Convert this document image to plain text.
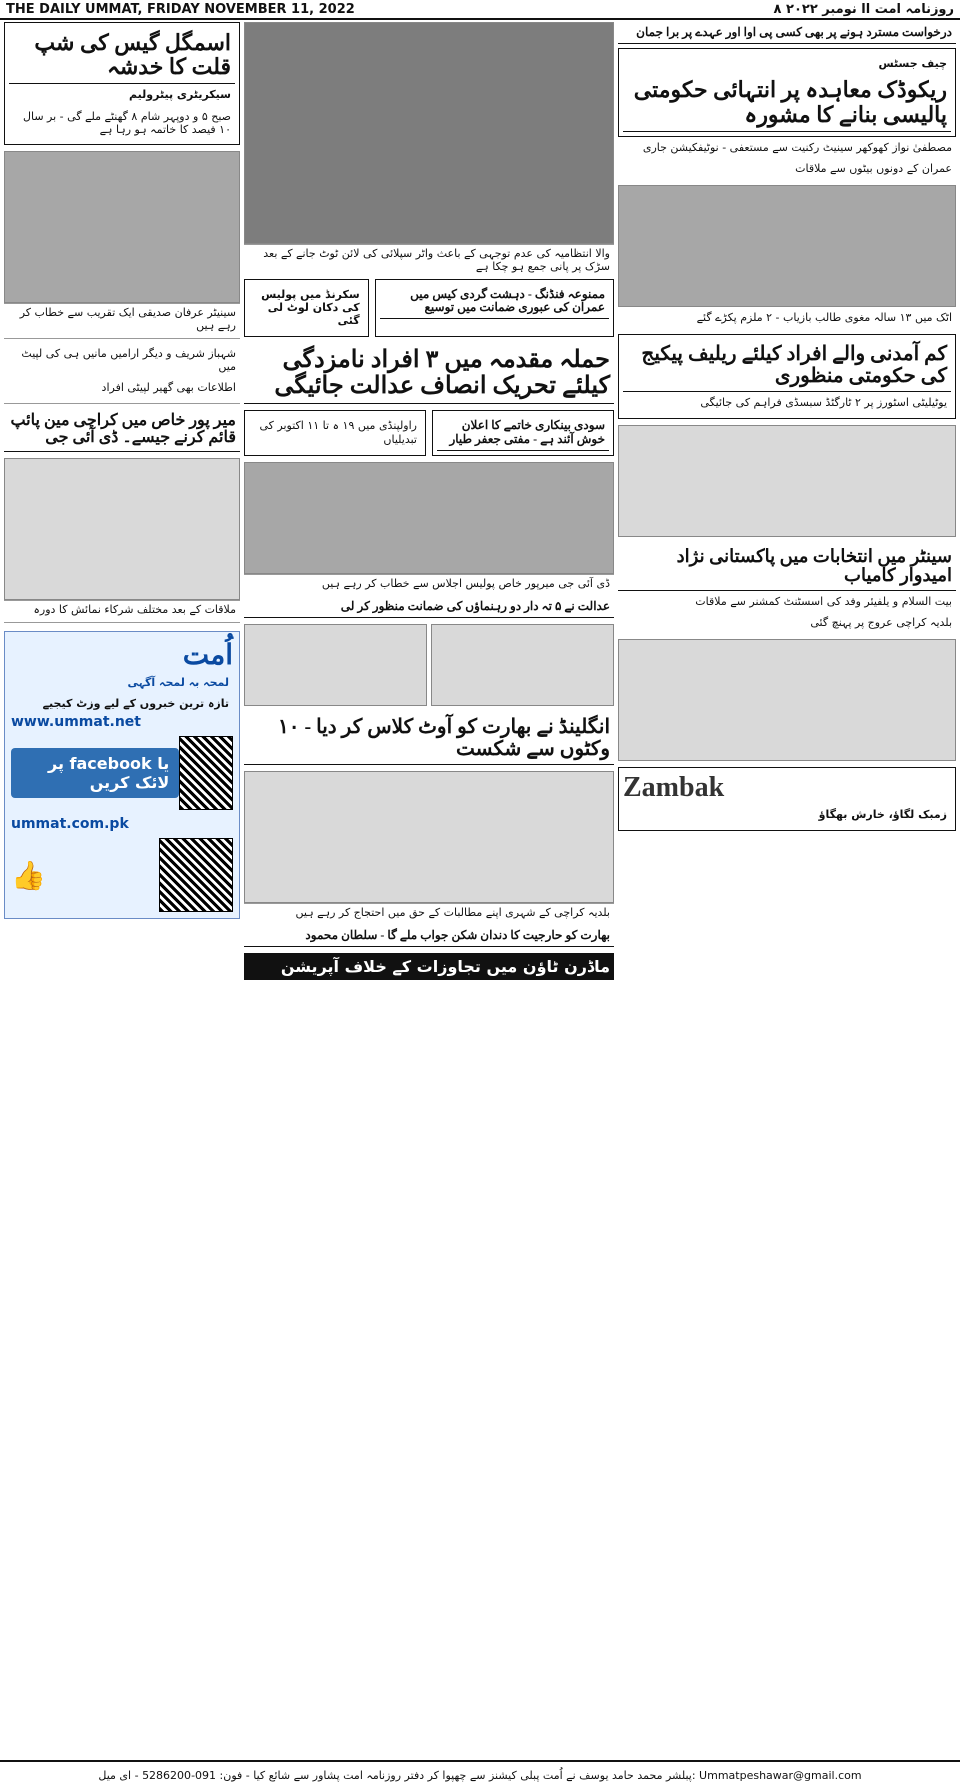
THE DAILY UMMAT, FRIDAY NOVEMBER 11, 2022	روزنامہ امت اا نومبر ۲۰۲۲ ۸
اسمگل گیس کی شپ قلت کا خدشہ
سیکریٹری پیٹرولیم
صبح ۵ و دوپہر شام ۸ گھنٹے ملے گی - بر سال ۱۰ فیصد کا خاتمہ ہو رہا ہے
سینیٹر عرفان صدیقی ایک تقریب سے خطاب کر رہے ہیں
شہباز شریف و دیگر ارامیں مانیں ہی کی لپیٹ میں
اطلاعات بھی گھیر لپیٹی افراد
میر پور خاص میں کراچی مین پائپ قائم کرنے جیسے۔ ڈی آئی جی
ملاقات کے بعد مختلف شرکاء نمائش کا دورہ
اُمت
لمحہ بہ لمحہ آگہی
تازہ ترین خبروں کے لیے وزٹ کیجیے
www.ummat.net
یا facebook پر لائک کریں
ummat.com.pk
👍
والا انتظامیہ کی عدم توجہی کے باعث واٹر سپلائی کی لائن ٹوٹ جانے کے بعد سڑک پر پانی جمع ہو چکا ہے
سکرنڈ میں پولیس کی دکان لوٹ لی گئی
ممنوعہ فنڈنگ - دہشت گردی کیس میں عمران کی عبوری ضمانت میں توسیع
حملہ مقدمہ میں ۳ افراد نامزدگی کیلئے تحریک انصاف عدالت جائیگی
راولپنڈی میں ۱۹ ہ تا ۱۱ اکتوبر کی تبدیلیاں
سودی بینکاری خاتمے کا اعلان خوش آئند ہے - مفتی جعفر طیار
ڈی آئی جی میرپور خاص پولیس اجلاس سے خطاب کر رہے ہیں
عدالت نے ۵ تہ دار دو رہنماؤں کی ضمانت منظور کر لی
انگلینڈ نے بھارت کو آوٹ کلاس کر دیا - ۱۰ وکٹوں سے شکست
بلدیہ کراچی کے شہری اپنے مطالبات کے حق میں احتجاج کر رہے ہیں
بھارت کو حارجیت کا دندان شکن جواب ملے گا - سلطان محمود
ماڈرن ٹاؤن میں تجاوزات کے خلاف آپریشن
درخواست مسترد ہونے پر بھی کسی پی اوا اور عہدے پر برا جمان
چیف جسٹس
ریکوڈک معاہدہ پر انتہائی حکومتی پالیسی بنانے کا مشورہ
مصطفیٰ نواز کھوکھر سینیٹ رکنیت سے مستعفی - نوٹیفکیشن جاری
عمران کے دونوں بیٹوں سے ملاقات
اٹک میں ۱۳ سالہ مغوی طالب بازیاب - ۲ ملزم پکڑے گئے
کم آمدنی والے افراد کیلئے ریلیف پیکیج کی حکومتی منظوری
یوٹیلیٹی اسٹورز پر ۲ ٹارگٹڈ سبسڈی فراہم کی جائیگی
سینٹر میں انتخابات میں پاکستانی نژاد امیدوار کامیاب
بیت السلام و یلفیئر وفد کی اسسٹنٹ کمشنر سے ملاقات
بلدیہ کراچی عروج پر پہنچ گئی
Zambak
زمبک لگاؤ، خارش بھگاؤ
پبلشر محمد حامد یوسف نے اُمت پبلی کیشنز سے چھپوا کر دفتر روزنامہ امت پشاور سے شائع کیا - فون: 091-5286200 - ای میل: Ummatpeshawar@gmail.com
